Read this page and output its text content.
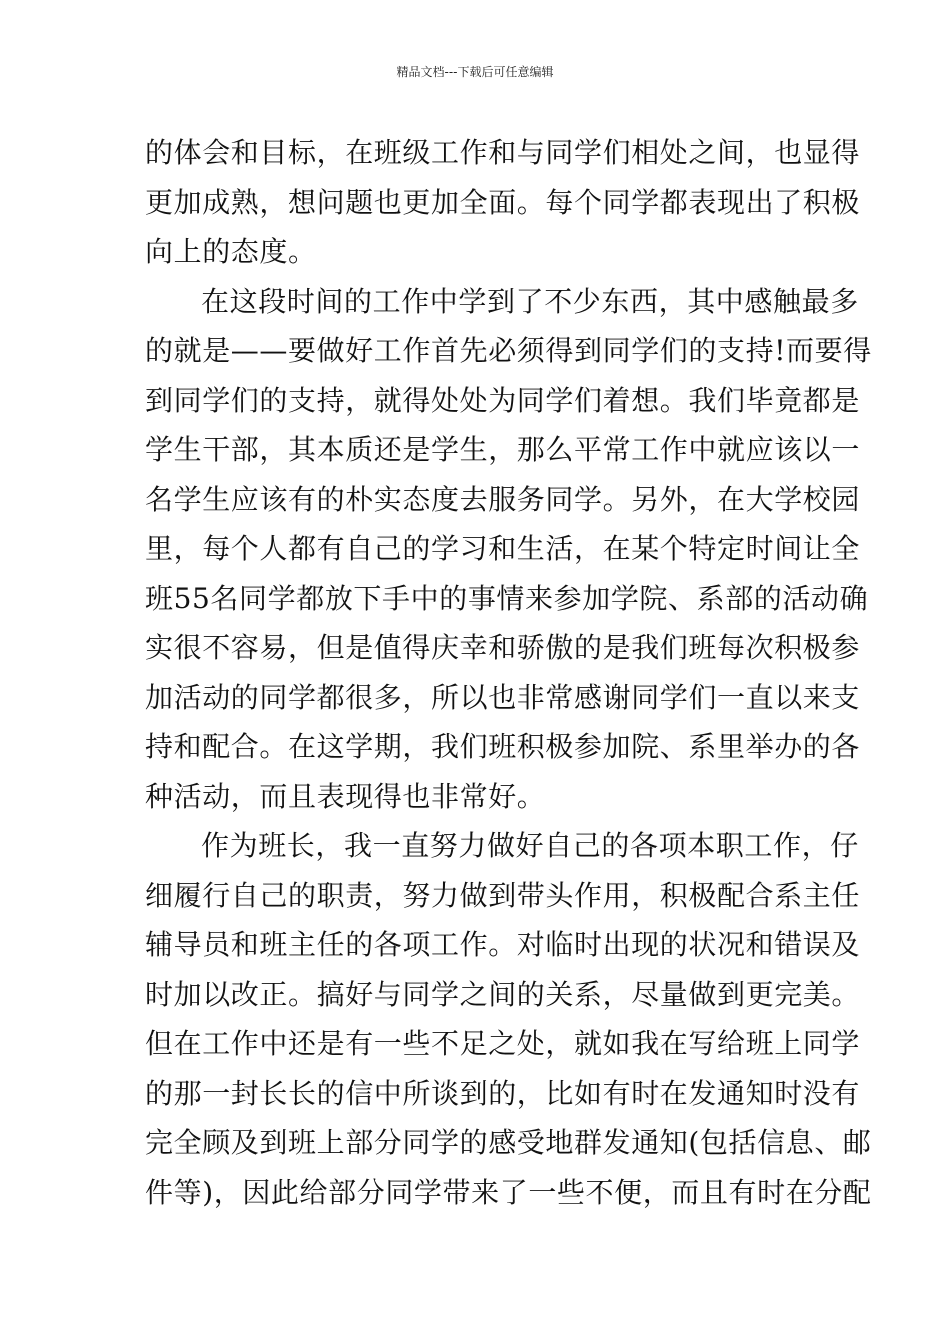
精品文档---下载后可任意编辑
的体会和目标，在班级工作和与同学们相处之间，也显得
更加成熟，想问题也更加全面。每个同学都表现出了积极
向上的态度。
在这段时间的工作中学到了不少东西，其中感触最多
的就是——要做好工作首先必须得到同学们的支持!而要得
到同学们的支持，就得处处为同学们着想。我们毕竟都是
学生干部，其本质还是学生，那么平常工作中就应该以一
名学生应该有的朴实态度去服务同学。另外，在大学校园
里，每个人都有自己的学习和生活，在某个特定时间让全
班55名同学都放下手中的事情来参加学院、系部的活动确
实很不容易，但是值得庆幸和骄傲的是我们班每次积极参
加活动的同学都很多，所以也非常感谢同学们一直以来支
持和配合。在这学期，我们班积极参加院、系里举办的各
种活动，而且表现得也非常好。
作为班长，我一直努力做好自己的各项本职工作，仔
细履行自己的职责，努力做到带头作用，积极配合系主任
辅导员和班主任的各项工作。对临时出现的状况和错误及
时加以改正。搞好与同学之间的关系，尽量做到更完美。
但在工作中还是有一些不足之处，就如我在写给班上同学
的那一封长长的信中所谈到的，比如有时在发通知时没有
完全顾及到班上部分同学的感受地群发通知(包括信息、邮
件等)，因此给部分同学带来了一些不便，而且有时在分配
